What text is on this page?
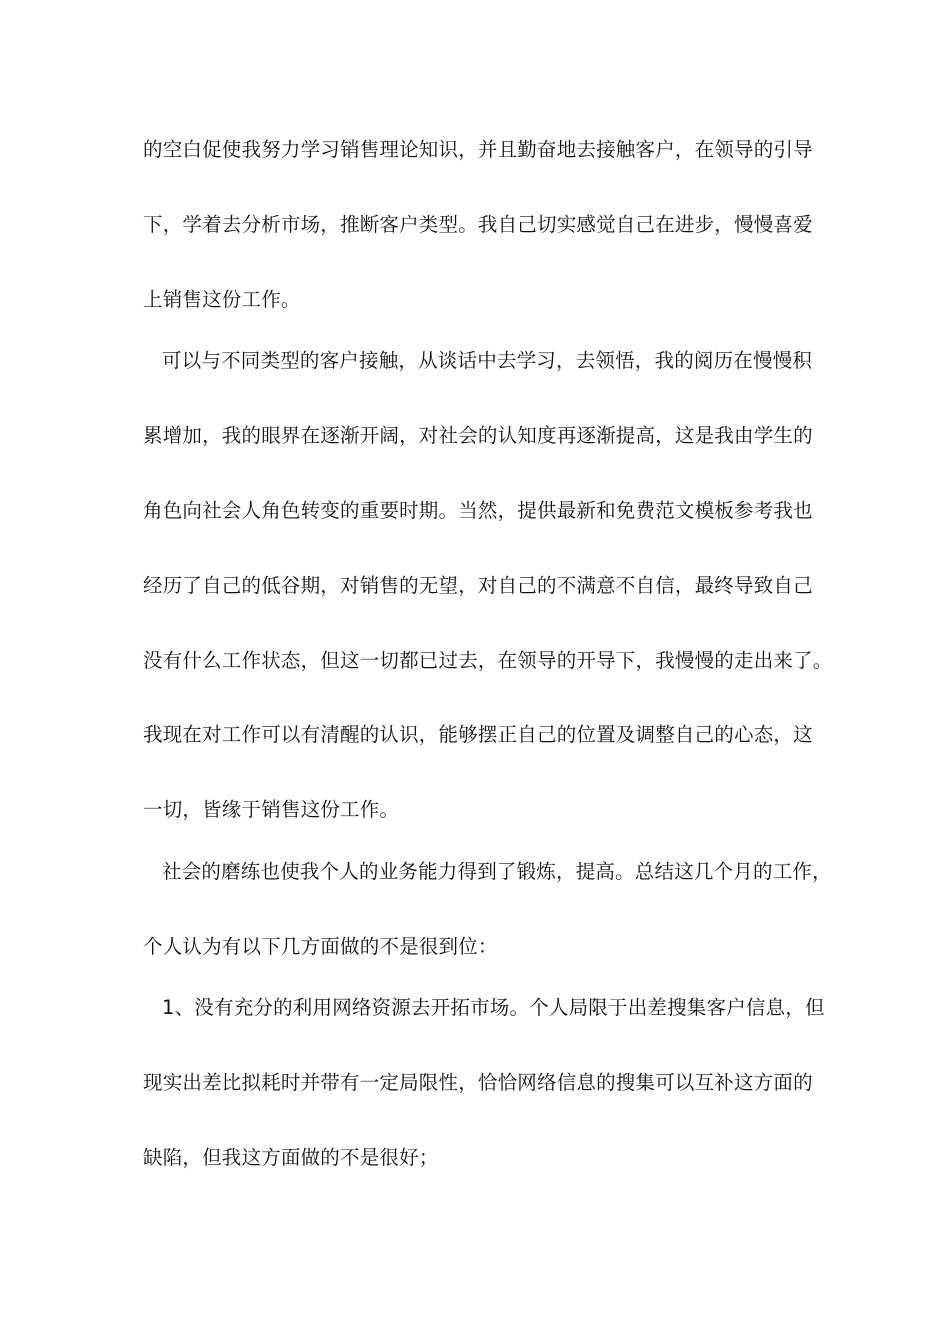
的空白促使我努力学习销售理论知识，并且勤奋地去接触客户，在领导的引导
下，学着去分析市场，推断客户类型。我自己切实感觉自己在进步，慢慢喜爱
上销售这份工作。
可以与不同类型的客户接触，从谈话中去学习，去领悟，我的阅历在慢慢积
累增加，我的眼界在逐渐开阔，对社会的认知度再逐渐提高，这是我由学生的
角色向社会人角色转变的重要时期。当然，提供最新和免费范文模板参考我也
经历了自己的低谷期，对销售的无望，对自己的不满意不自信，最终导致自己
没有什么工作状态，但这一切都已过去，在领导的开导下，我慢慢的走出来了。
我现在对工作可以有清醒的认识，能够摆正自己的位置及调整自己的心态，这
一切，皆缘于销售这份工作。
社会的磨练也使我个人的业务能力得到了锻炼，提高。总结这几个月的工作，
个人认为有以下几方面做的不是很到位：
1、没有充分的利用网络资源去开拓市场。个人局限于出差搜集客户信息，但
现实出差比拟耗时并带有一定局限性，恰恰网络信息的搜集可以互补这方面的
缺陷，但我这方面做的不是很好；
